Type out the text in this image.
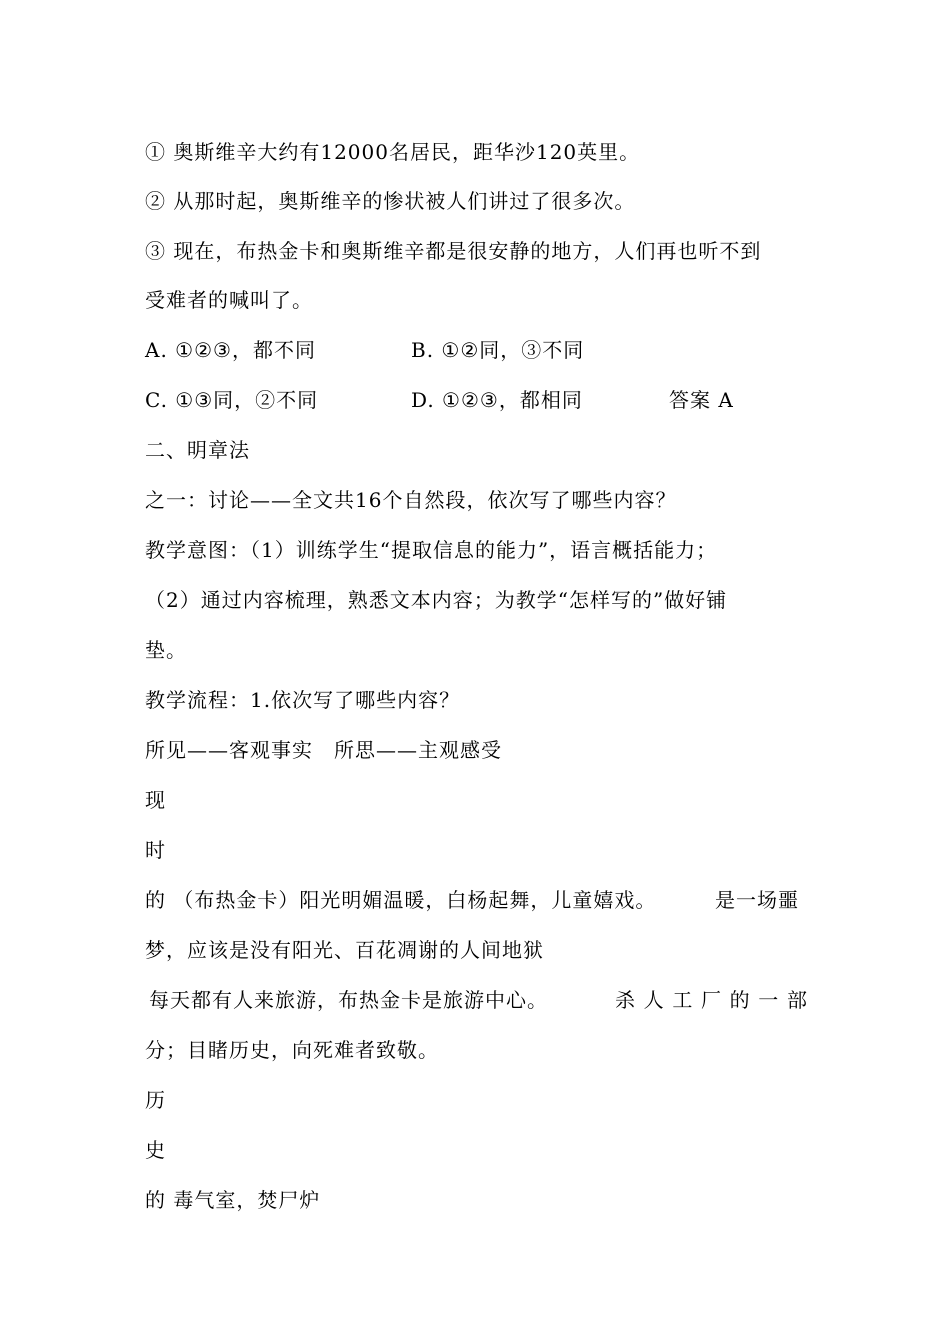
① 奥斯维辛大约有12000名居民，距华沙120英里。
② 从那时起，奥斯维辛的惨状被人们讲过了很多次。
③ 现在，布热金卡和奥斯维辛都是很安静的地方，人们再也听不到
受难者的喊叫了。
A. ①②③，都不同	B. ①②同，③不同
C. ①③同，②不同	D. ①②③，都相同	答案 A
二、明章法
之一：讨论——全文共16个自然段，依次写了哪些内容？
教学意图：（1）训练学生“提取信息的能力”，语言概括能力；
（2）通过内容梳理，熟悉文本内容；为教学“怎样写的”做好铺
垫。
教学流程：1.依次写了哪些内容？
所见——客观事实　所思——主观感受
现
时
的 （布热金卡）阳光明媚温暖，白杨起舞，儿童嬉戏。	是一场噩
梦，应该是没有阳光、百花凋谢的人间地狱
每天都有人来旅游，布热金卡是旅游中心。	杀 人 工 厂 的 一 部
分；目睹历史，向死难者致敬。
历
史
的 毒气室，焚尸炉
